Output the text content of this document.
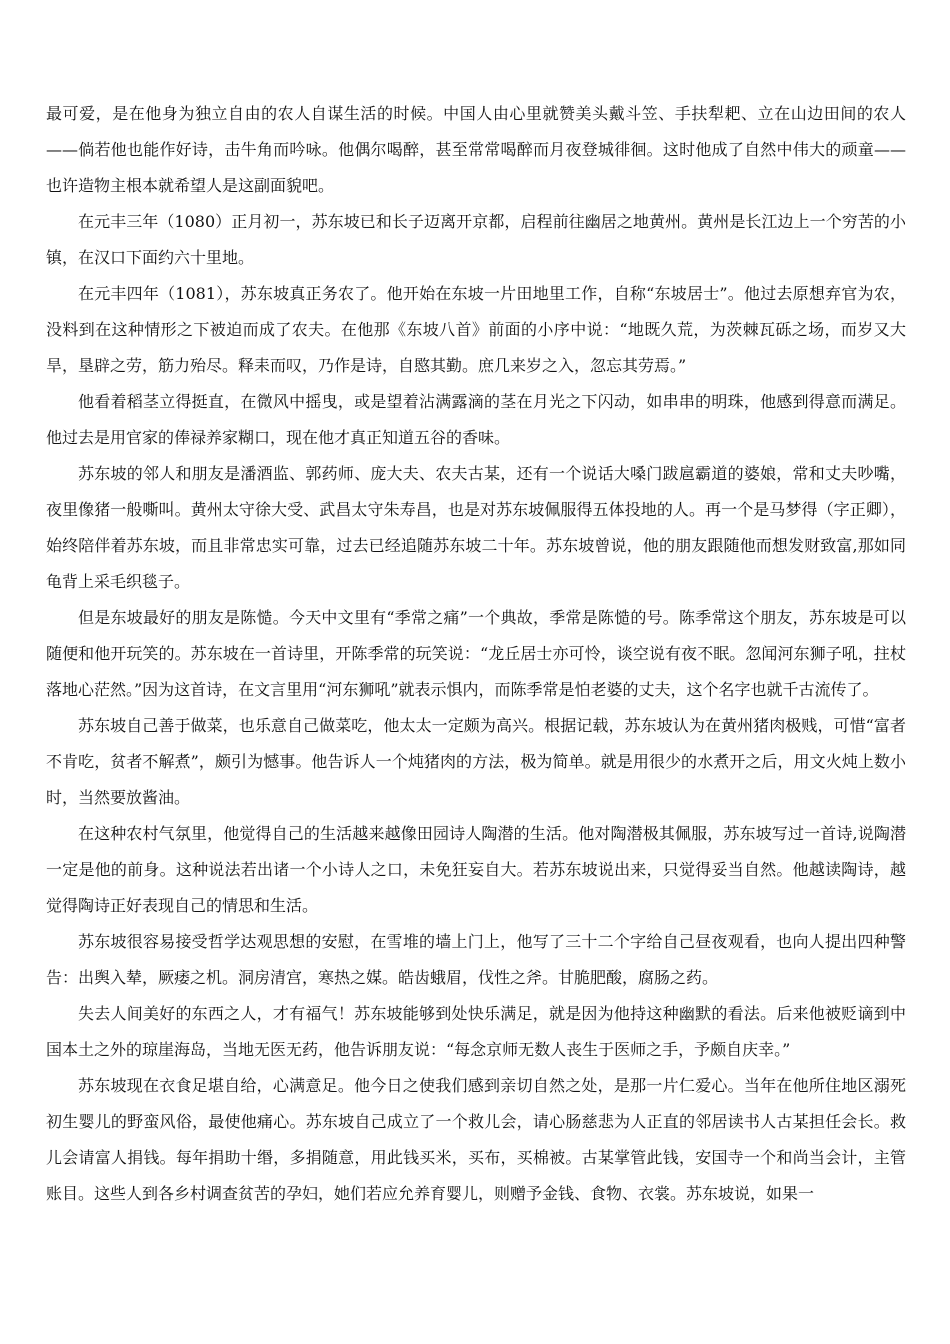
最可爱，是在他身为独立自由的农人自谋生活的时候。中国人由心里就赞美头戴斗笠、手扶犁耙、立在山边田间的农人——倘若他也能作好诗，击牛角而吟咏。他偶尔喝醉，甚至常常喝醉而月夜登城徘徊。这时他成了自然中伟大的顽童——也许造物主根本就希望人是这副面貌吧。

在元丰三年（1080）正月初一，苏东坡已和长子迈离开京都，启程前往幽居之地黄州。黄州是长江边上一个穷苦的小镇，在汉口下面约六十里地。

在元丰四年（1081），苏东坡真正务农了。他开始在东坡一片田地里工作，自称“东坡居士”。他过去原想弃官为农，没料到在这种情形之下被迫而成了农夫。在他那《东坡八首》前面的小序中说：“地既久荒，为茨棘瓦砾之场，而岁又大旱，垦辟之劳，筋力殆尽。释耒而叹，乃作是诗，自愍其勤。庶几来岁之入，忽忘其劳焉。”

他看着稻茎立得挺直，在微风中摇曳，或是望着沾满露滴的茎在月光之下闪动，如串串的明珠，他感到得意而满足。他过去是用官家的俸禄养家糊口，现在他才真正知道五谷的香味。

苏东坡的邻人和朋友是潘酒监、郭药师、庞大夫、农夫古某，还有一个说话大嗓门跋扈霸道的婆娘，常和丈夫吵嘴，夜里像猪一般嘶叫。黄州太守徐大受、武昌太守朱寿昌，也是对苏东坡佩服得五体投地的人。再一个是马梦得（字正卿），始终陪伴着苏东坡，而且非常忠实可靠，过去已经追随苏东坡二十年。苏东坡曾说，他的朋友跟随他而想发财致富,那如同龟背上采毛织毯子。

但是东坡最好的朋友是陈慥。今天中文里有“季常之痛”一个典故，季常是陈慥的号。陈季常这个朋友，苏东坡是可以随便和他开玩笑的。苏东坡在一首诗里，开陈季常的玩笑说：“龙丘居士亦可怜，谈空说有夜不眠。忽闻河东狮子吼，拄杖落地心茫然。”因为这首诗，在文言里用“河东狮吼”就表示惧内，而陈季常是怕老婆的丈夫，这个名字也就千古流传了。

苏东坡自己善于做菜，也乐意自己做菜吃，他太太一定颇为高兴。根据记载，苏东坡认为在黄州猪肉极贱，可惜“富者不肯吃，贫者不解煮”，颇引为憾事。他告诉人一个炖猪肉的方法，极为简单。就是用很少的水煮开之后，用文火炖上数小时，当然要放酱油。

在这种农村气氛里，他觉得自己的生活越来越像田园诗人陶潜的生活。他对陶潜极其佩服，苏东坡写过一首诗,说陶潜一定是他的前身。这种说法若出诸一个小诗人之口，未免狂妄自大。若苏东坡说出来，只觉得妥当自然。他越读陶诗，越觉得陶诗正好表现自己的情思和生活。

苏东坡很容易接受哲学达观思想的安慰，在雪堆的墙上门上，他写了三十二个字给自己昼夜观看，也向人提出四种警告：出舆入辇，厥痿之机。洞房清宫，寒热之媒。皓齿蛾眉，伐性之斧。甘脆肥酸，腐肠之药。

失去人间美好的东西之人，才有福气！苏东坡能够到处快乐满足，就是因为他持这种幽默的看法。后来他被贬谪到中国本土之外的琼崖海岛，当地无医无药，他告诉朋友说：“每念京师无数人丧生于医师之手，予颇自庆幸。”

苏东坡现在衣食足堪自给，心满意足。他今日之使我们感到亲切自然之处，是那一片仁爱心。当年在他所住地区溺死初生婴儿的野蛮风俗，最使他痛心。苏东坡自己成立了一个救儿会，请心肠慈悲为人正直的邻居读书人古某担任会长。救儿会请富人捐钱。每年捐助十缗，多捐随意，用此钱买米，买布，买棉被。古某掌管此钱，安国寺一个和尚当会计，主管账目。这些人到各乡村调查贫苦的孕妇，她们若应允养育婴儿，则赠予金钱、食物、衣裳。苏东坡说，如果一
